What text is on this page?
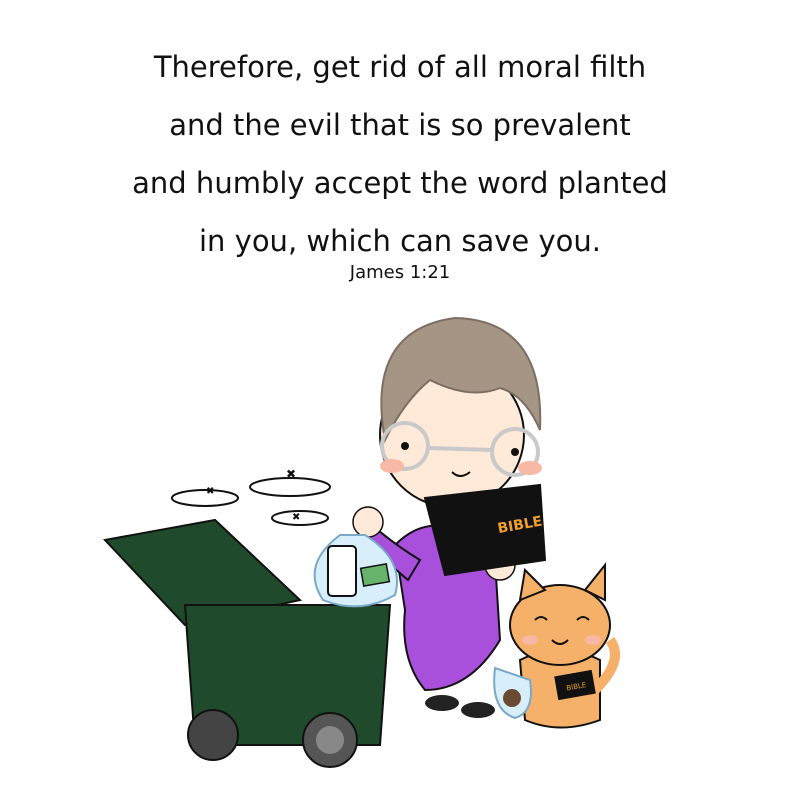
Therefore, get rid of all moral filth
and the evil that is so prevalent
and humbly accept the word planted
in you, which can save you.
James 1:21
✖
✖
✖	BIBLE
BIBLE
